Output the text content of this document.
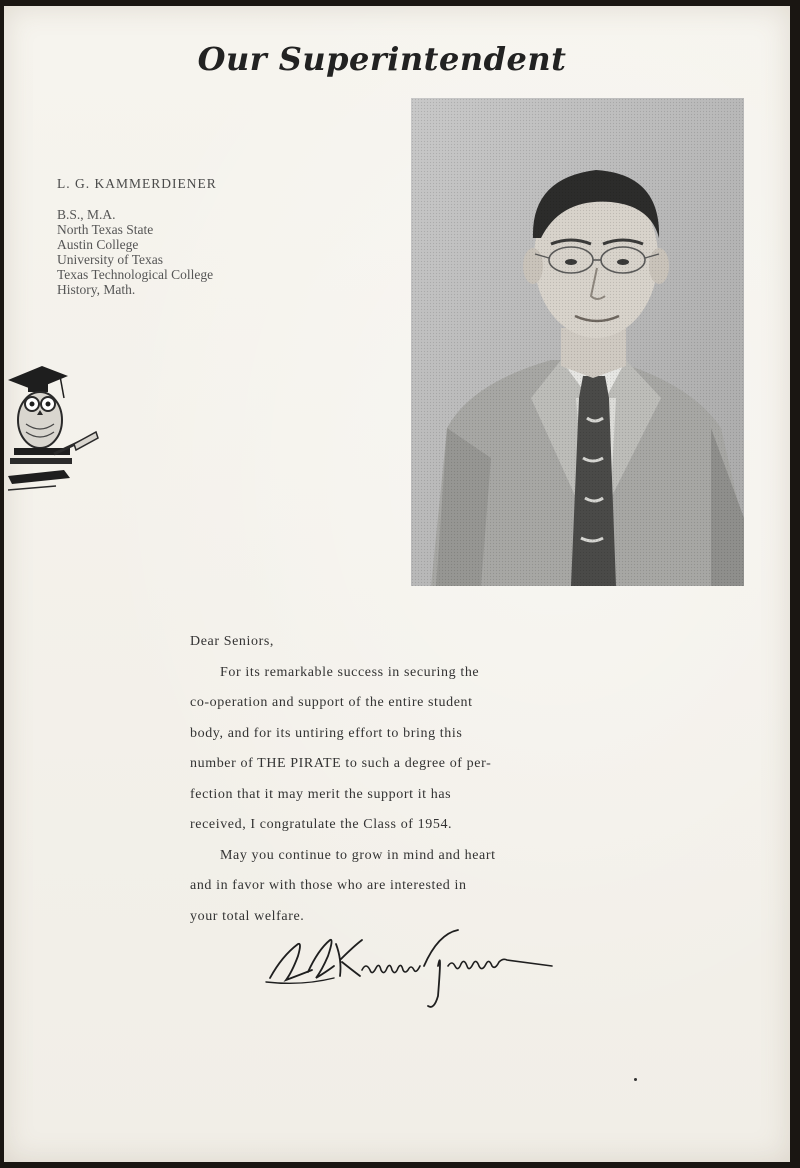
Our Superintendent
L. G. KAMMERDIENER
B.S., M.A.
North Texas State
Austin College
University of Texas
Texas Technological College
History, Math.
Dear Seniors,
For its remarkable success in securing the
co-operation and support of the entire student
body, and for its untiring effort to bring this
number of THE PIRATE to such a degree of per-
fection that it may merit the support it has
received, I congratulate the Class of 1954.
May you continue to grow in mind and heart
and in favor with those who are interested in
your total welfare.
